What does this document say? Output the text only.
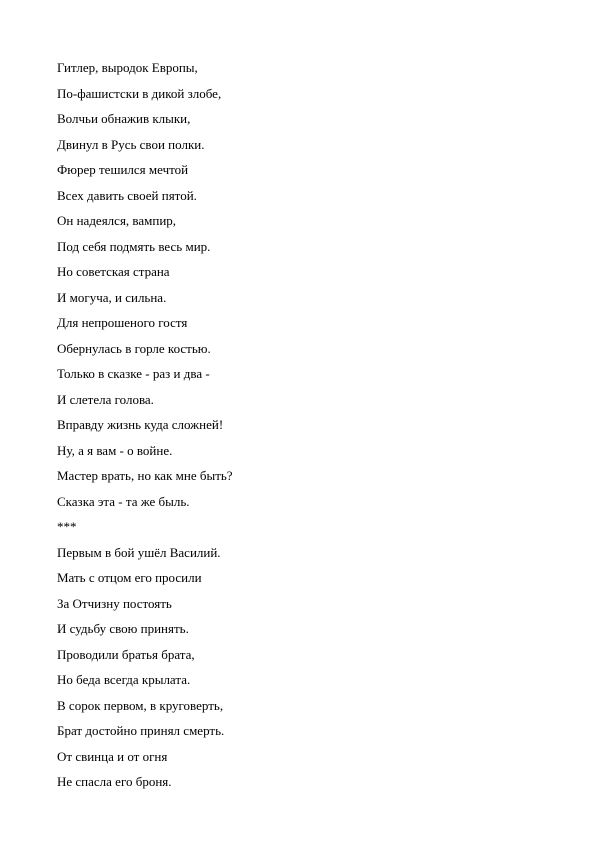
Гитлер, выродок Европы,
По-фашистски в дикой злобе,
Волчьи обнажив клыки,
Двинул в Русь свои полки.
Фюрер тешился мечтой
Всех давить своей пятой.
Он надеялся, вампир,
Под себя подмять весь мир.
Но советская страна
И могуча, и сильна.
Для непрошеного гостя
Обернулась в горле костью.
Только в сказке - раз и два -
И слетела голова.
Вправду жизнь куда сложней!
Ну, а я вам - о войне.
Мастер врать, но как мне быть?
Сказка эта - та же быль.
***
Первым в бой ушёл Василий.
Мать с отцом его просили
За Отчизну постоять
И судьбу свою принять.
Проводили братья брата,
Но беда всегда крылата.
В сорок первом, в круговерть,
Брат достойно принял смерть.
От свинца и от огня
Не спасла его броня.
